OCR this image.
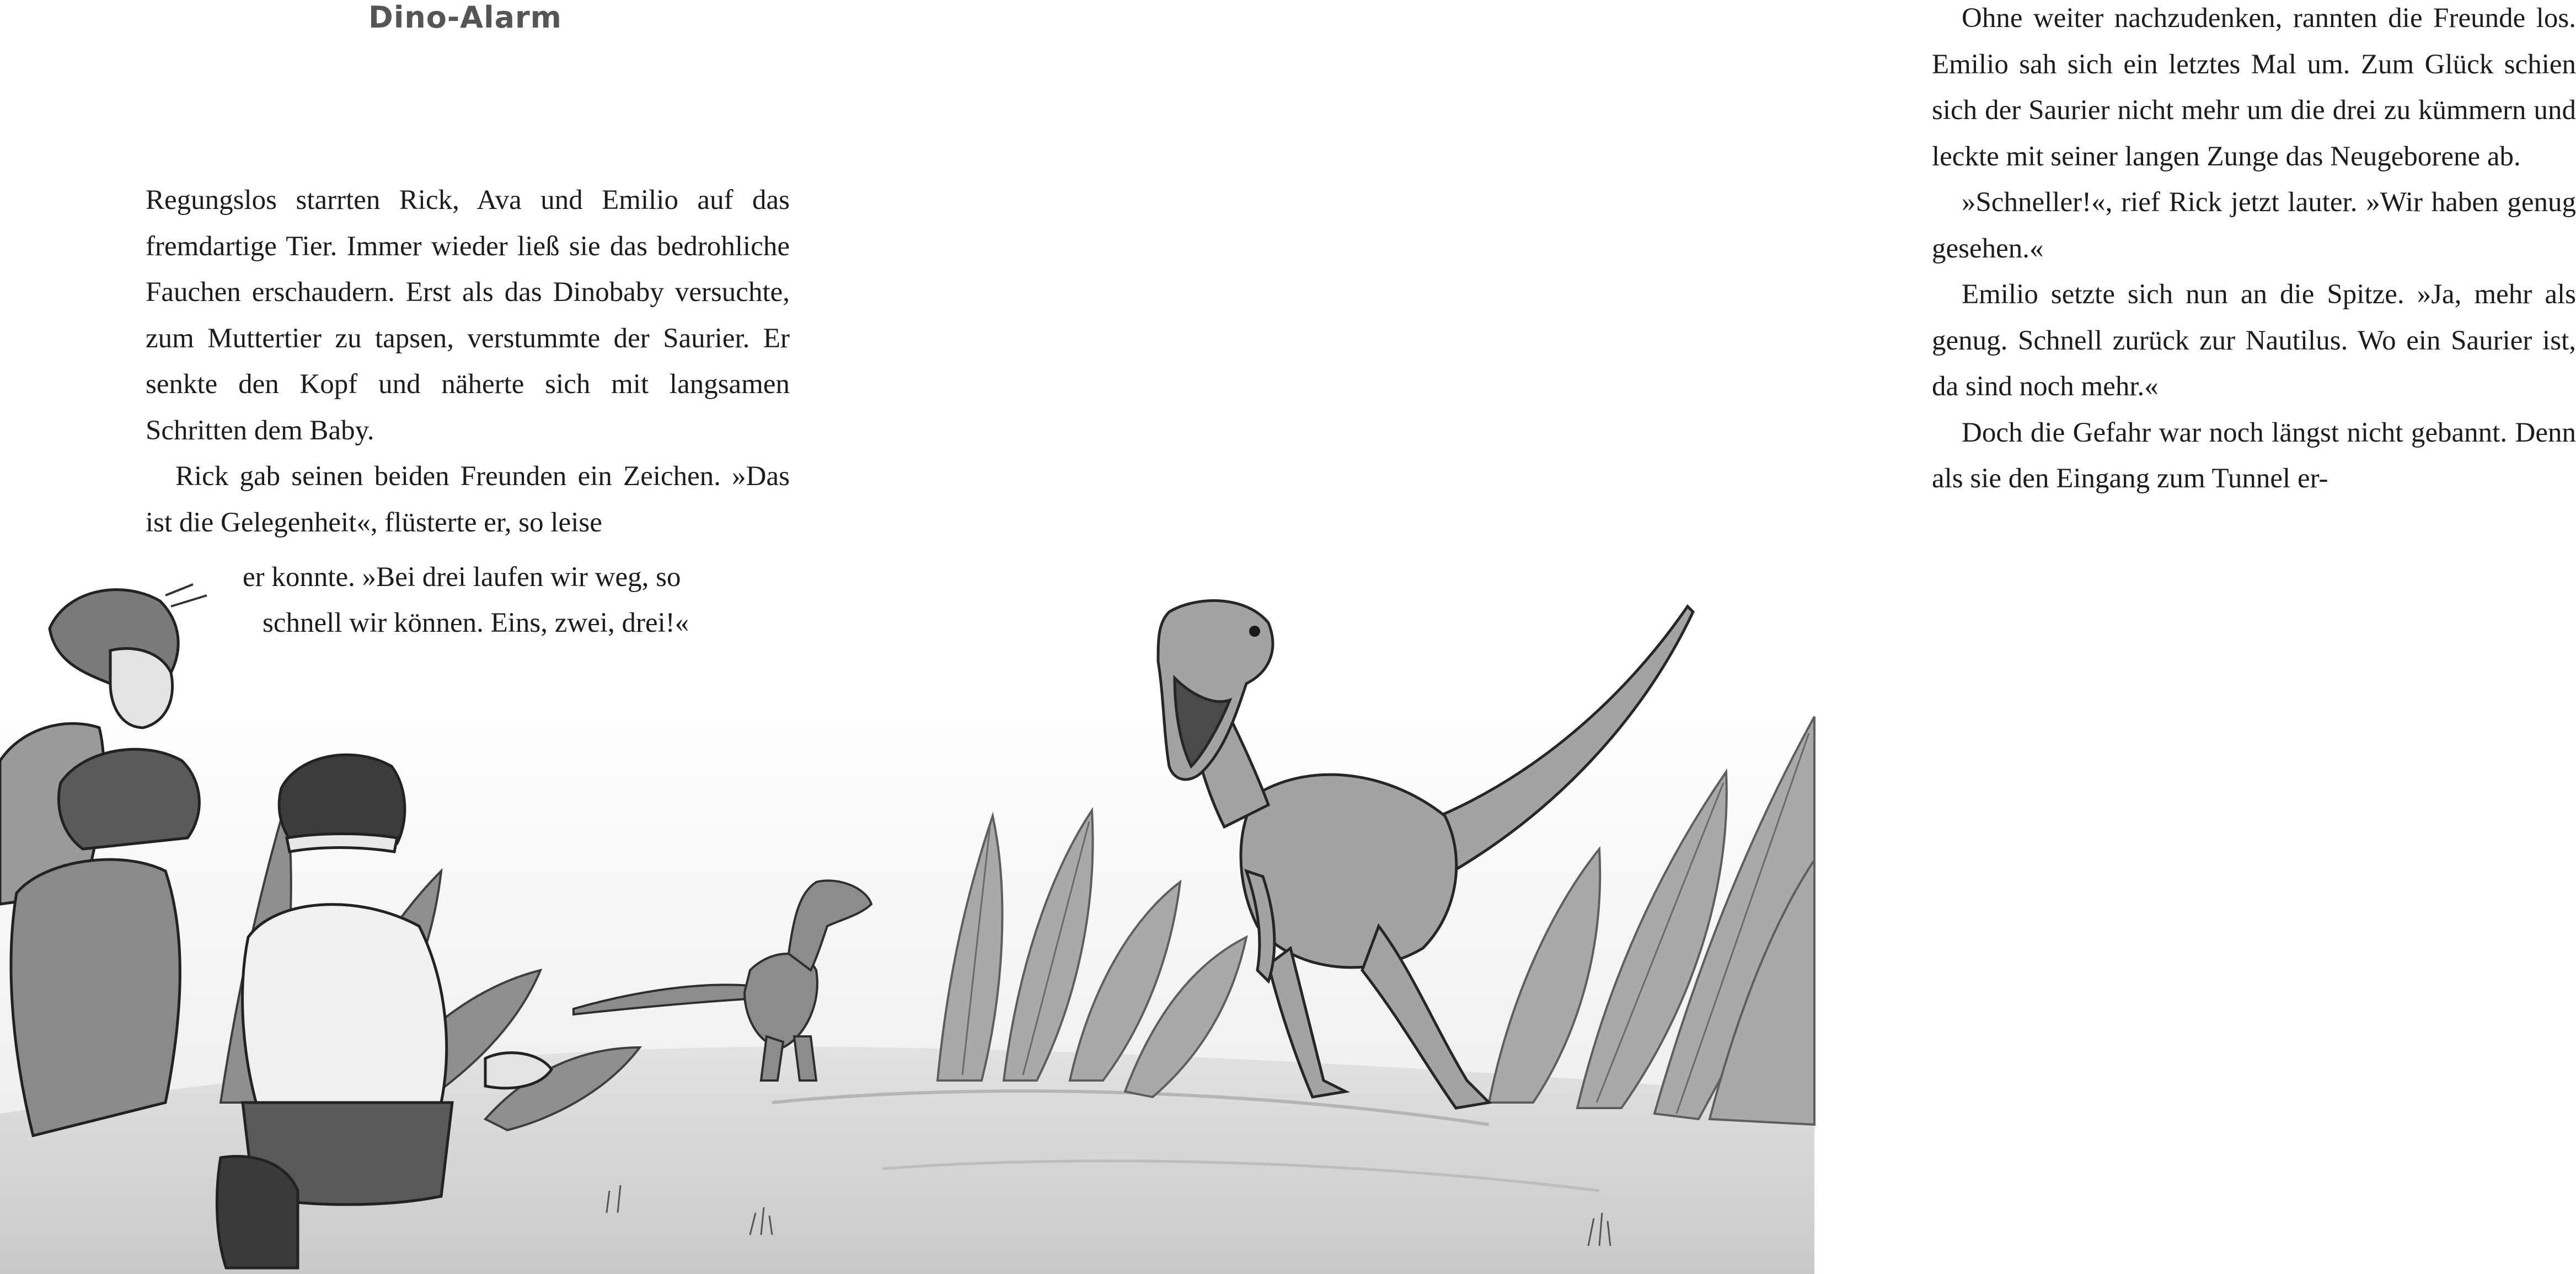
Dino-Alarm

Regungslos starrten Rick, Ava und Emilio auf das fremdartige Tier. Immer wieder ließ sie das bedrohliche Fauchen erschaudern. Erst als das Dinobaby versuchte, zum Muttertier zu tapsen, verstummte der Saurier. Er senkte den Kopf und näherte sich mit langsamen Schritten dem Baby.

Rick gab seinen beiden Freunden ein Zeichen. »Das ist die Gelegenheit«, flüsterte er, so leise

er konnte. »Bei drei laufen wir weg, so
schnell wir können. Eins, zwei, drei!«

Ohne weiter nachzudenken, rannten die Freunde los. Emilio sah sich ein letztes Mal um. Zum Glück schien sich der Saurier nicht mehr um die drei zu kümmern und leckte mit seiner langen Zunge das Neugeborene ab.

»Schneller!«, rief Rick jetzt lauter. »Wir haben genug gesehen.«

Emilio setzte sich nun an die Spitze. »Ja, mehr als genug. Schnell zurück zur Nautilus. Wo ein Saurier ist, da sind noch mehr.«

Doch die Gefahr war noch längst nicht gebannt. Denn als sie den Eingang zum Tunnel er-
